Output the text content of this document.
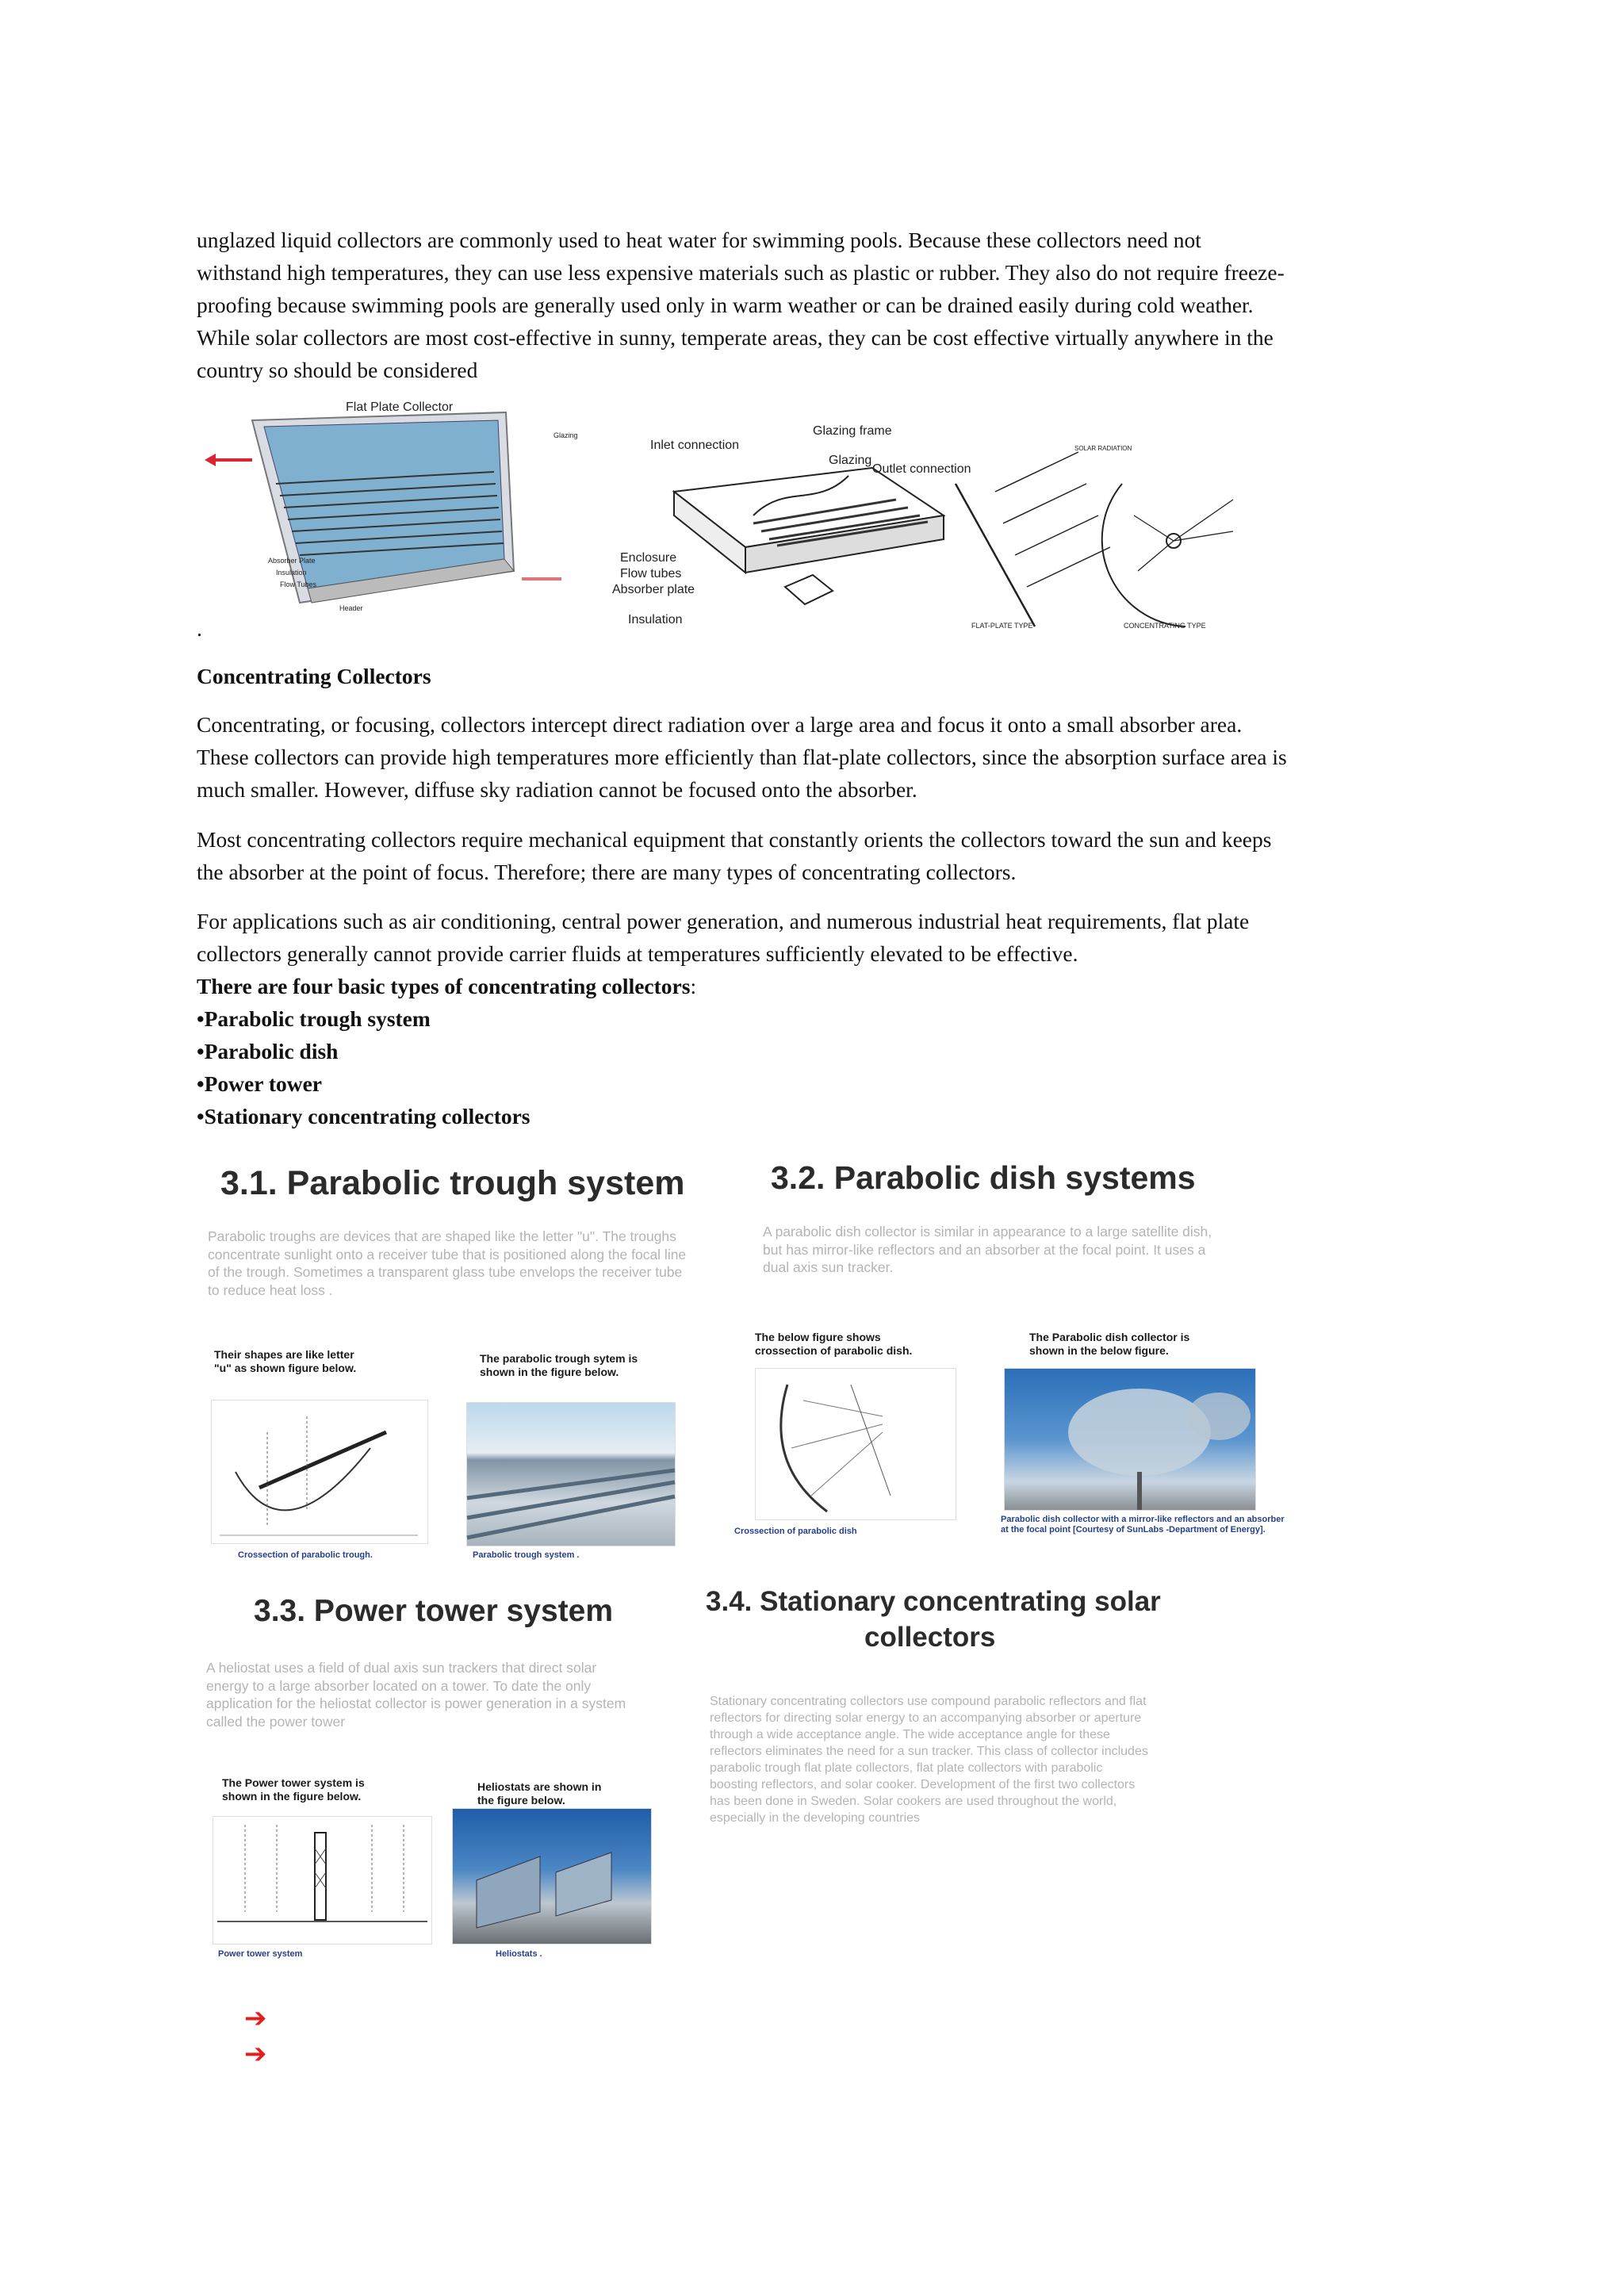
unglazed liquid collectors are commonly used to heat water for swimming pools. Because these collectors need not
withstand high temperatures, they can use less expensive materials such as plastic or rubber. They also do not require freeze-
proofing because swimming pools are generally used only in warm weather or can be drained easily during cold weather.
While solar collectors are most cost-effective in sunny, temperate areas, they can be cost effective virtually anywhere in the
country so should be considered
Flat Plate Collector
Glazing
Absorber Plate
Insulation
Flow Tubes
Header
Glazing frame
Inlet connection
Glazing
Outlet connection
Enclosure
Flow tubes
Absorber plate
Insulation
SOLAR RADIATION
FLAT-PLATE TYPE	CONCENTRATING TYPE
.
Concentrating Collectors
Concentrating, or focusing, collectors intercept direct radiation over a large area and focus it onto a small absorber area.
These collectors can provide high temperatures more efficiently than flat-plate collectors, since the absorption surface area is
much smaller. However, diffuse sky radiation cannot be focused onto the absorber.
Most concentrating collectors require mechanical equipment that constantly orients the collectors toward the sun and keeps
the absorber at the point of focus. Therefore; there are many types of concentrating collectors.
For applications such as air conditioning, central power generation, and numerous industrial heat requirements, flat plate
collectors generally cannot provide carrier fluids at temperatures sufficiently elevated to be effective.
There are four basic types of concentrating collectors:
•Parabolic trough system
•Parabolic dish
•Power tower
•Stationary concentrating collectors
3.1. Parabolic trough system
Parabolic troughs are devices that are shaped like the letter "u". The troughs concentrate sunlight onto a receiver tube that is positioned along the focal line of the trough. Sometimes a transparent glass tube envelops the receiver tube to reduce heat loss .
Their shapes are like letter "u" as shown figure below.
The parabolic trough sytem is shown in the figure below.
Crossection of parabolic trough.	Parabolic trough system .
3.2. Parabolic dish systems
A parabolic dish collector is similar in appearance to a large satellite dish, but has mirror-like reflectors and an absorber at the focal point. It uses a dual axis sun tracker.
The below figure shows crossection of parabolic dish.
The Parabolic dish collector is shown in the below figure.
Crossection of parabolic dish
Parabolic dish collector with a mirror-like reflectors and an absorber at the focal point [Courtesy of SunLabs -Department of Energy].
3.3. Power tower system
A heliostat uses a field of dual axis sun trackers that direct solar energy to a large absorber located on a tower. To date the only application for the heliostat collector is power generation in a system called the power tower
The Power tower system is shown in the figure below.
Heliostats are shown in the figure below.
Power tower system	Heliostats .
3.4. Stationary concentrating solar
collectors
Stationary concentrating collectors use compound parabolic reflectors and flat reflectors for directing solar energy to an accompanying absorber or aperture through a wide acceptance angle. The wide acceptance angle for these reflectors eliminates the need for a sun tracker. This class of collector includes parabolic trough flat plate collectors, flat plate collectors with parabolic boosting reflectors, and solar cooker. Development of the first two collectors has been done in Sweden. Solar cookers are used throughout the world, especially in the developing countries
➔
➔
